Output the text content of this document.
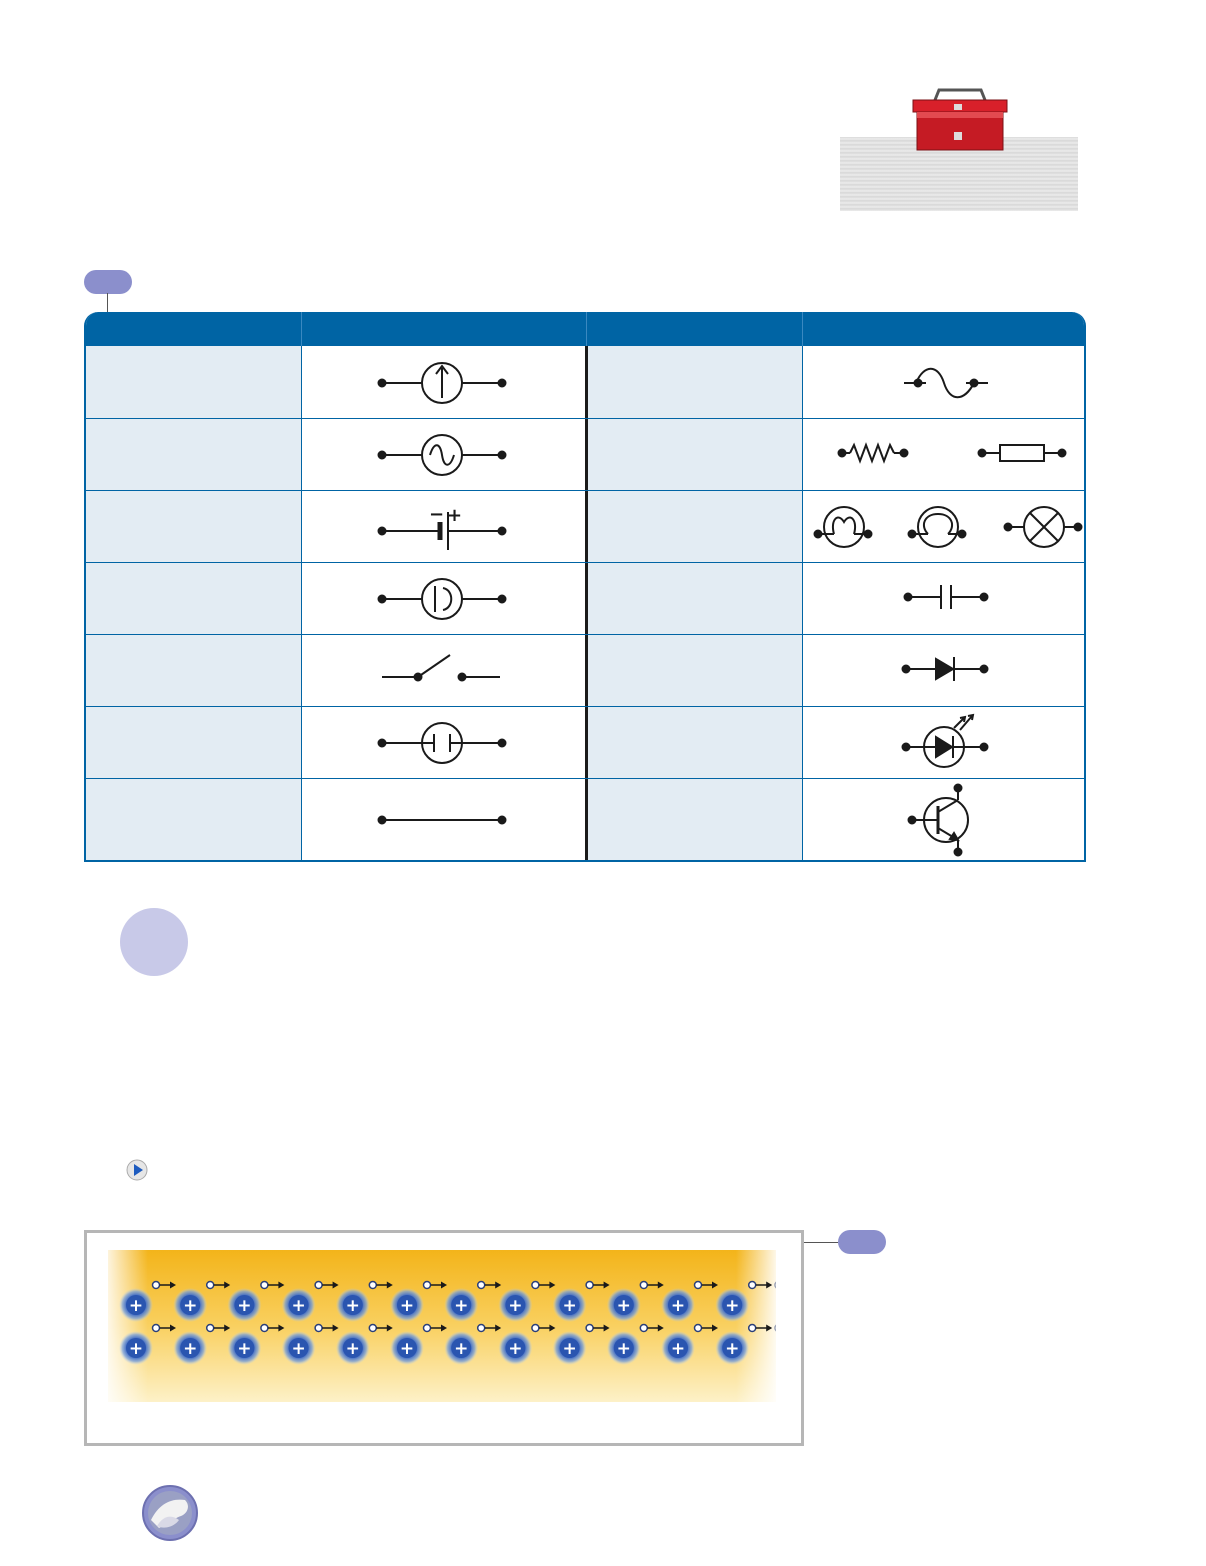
− +
+ + + + + + + + + + + +
+ + + + + + + + + + + +
